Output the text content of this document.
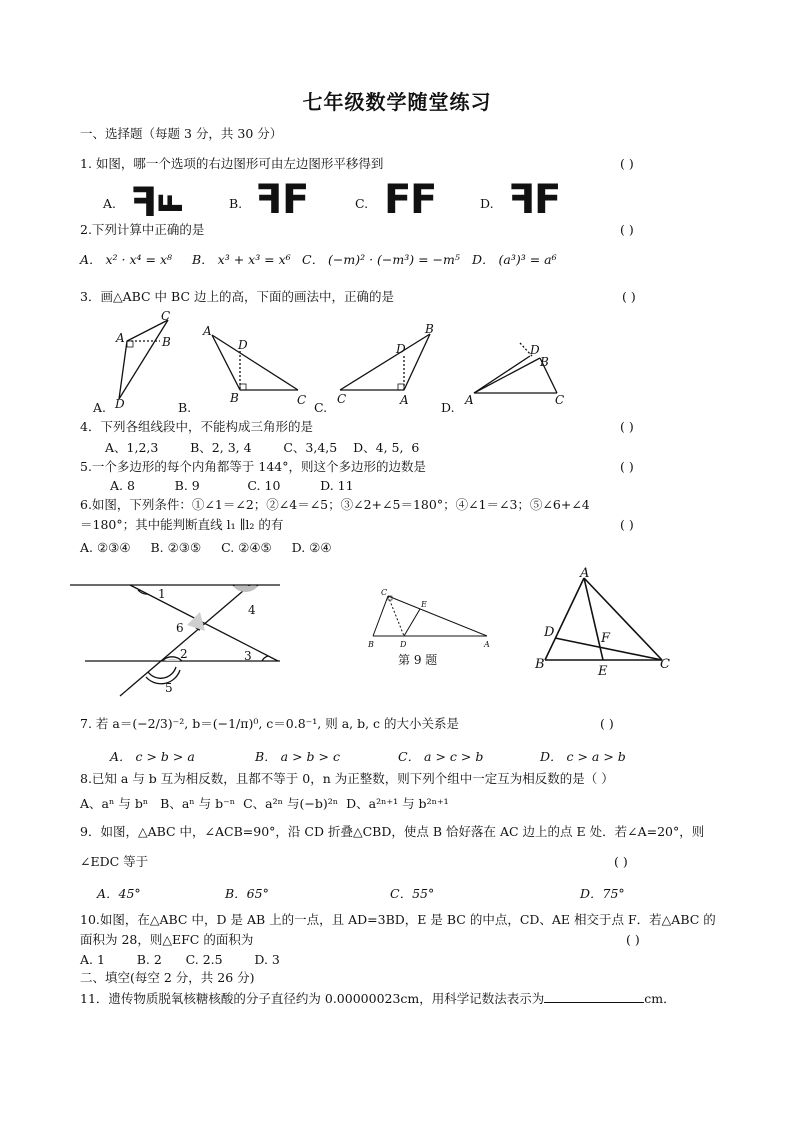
七年级数学随堂练习
一、选择题（每题 3 分，共 30 分）
1. 如图，哪一个选项的右边图形可由左边图形平移得到	( )
A. F
F	B. F F	C. F
F	D. F
F
2.下列计算中正确的是	( )
A． x² · x⁴ = x⁸ B． x³ + x³ = x⁶ C． (−m)² · (−m³) = −m⁵ D． (a³)³ = a⁶
3．画△ABC 中 BC 边上的高，下面的画法中，正确的是	( )
C
A	B
D
A
D
B	C
B
D
C	A
D
B
A	C
A.	B.	C.	D.
4．下列各组线段中，不能构成三角形的是	( )
A、1,2,3        B、2, 3, 4        C、3,4,5    D、4, 5,  6
5.一个多边形的每个内角都等于 144°，则这个多边形的边数是	( )
A. 8          B. 9            C. 10          D. 11
6.如图，下列条件：①∠1＝∠2；②∠4＝∠5；③∠2+∠5＝180°；④∠1＝∠3；⑤∠6+∠4
＝180°；其中能判断直线 l₁ ∥l₂ 的有	( )
A. ②③④     B. ②③⑤     C. ②④⑤     D. ②④
1
4
6
2	3
5
C
E
B	D	A
第 9 题
A
D	F
B	E	C
7. 若 a＝(−2/3)⁻², b＝(−1/π)⁰, c＝0.8⁻¹, 则 a, b, c 的大小关系是	( )
A． c > b > a	B． a > b > c	C． a > c > b	D． c > a > b
8.已知 a 与 b 互为相反数，且都不等于 0，n 为正整数，则下列个组中一定互为相反数的是（ ）
A、aⁿ 与 bⁿ   B、aⁿ 与 b⁻ⁿ  C、a²ⁿ 与(−b)²ⁿ  D、a²ⁿ⁺¹ 与 b²ⁿ⁺¹
9．如图，△ABC 中，∠ACB=90°，沿 CD 折叠△CBD，使点 B 恰好落在 AC 边上的点 E 处．若∠A=20°，则
∠EDC 等于	( )
A．45°	B．65°	C．55°	D．75°
10.如图，在△ABC 中，D 是 AB 上的一点，且 AD=3BD，E 是 BC 的中点，CD、AE 相交于点 F．若△ABC 的
面积为 28，则△EFC 的面积为	( )
A. 1        B. 2      C. 2.5        D. 3
二、填空(每空 2 分，共 26 分)
11．遗传物质脱氧核糖核酸的分子直径约为 0.00000023cm，用科学记数法表示为	cm．
